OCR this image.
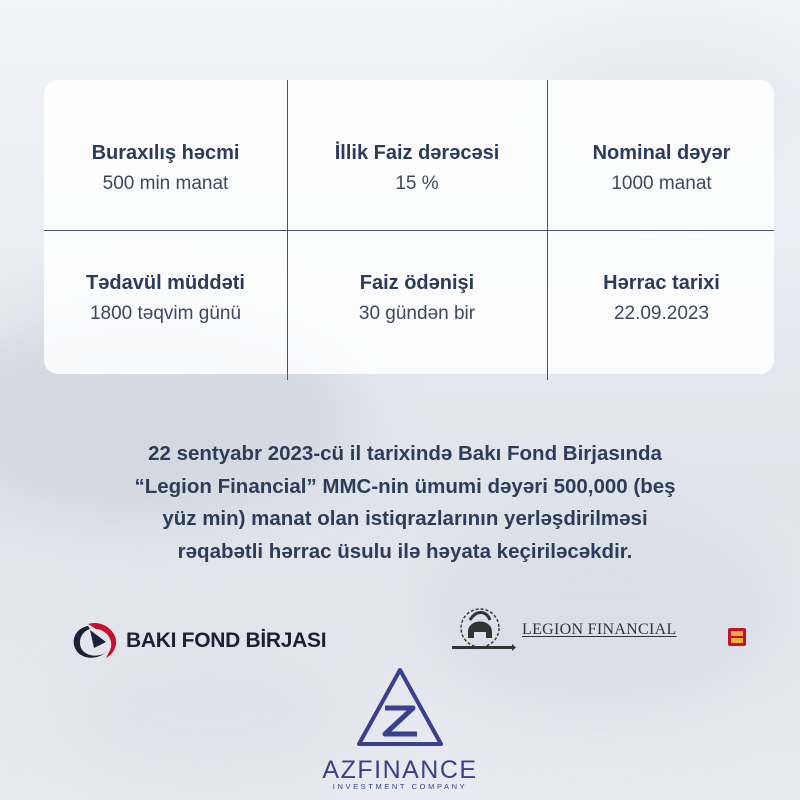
Buraxılış həcmi
500 min manat
İllik Faiz dərəcəsi
15 %
Nominal dəyər
1000 manat
Tədavül müddəti
1800 təqvim günü
Faiz ödənişi
30 gündən bir
Hərrac tarixi
22.09.2023
22 sentyabr 2023-cü il tarixində Bakı Fond Birjasında
“Legion Financial” MMC-nin ümumi dəyəri 500,000 (beş
yüz min) manat olan istiqrazlarının yerləşdirilməsi
rəqabətli hərrac üsulu ilə həyata keçiriləcəkdir.
BAKI FOND BİRJASI	LEGION FINANCIAL
AZFINANCE
INVESTMENT COMPANY
